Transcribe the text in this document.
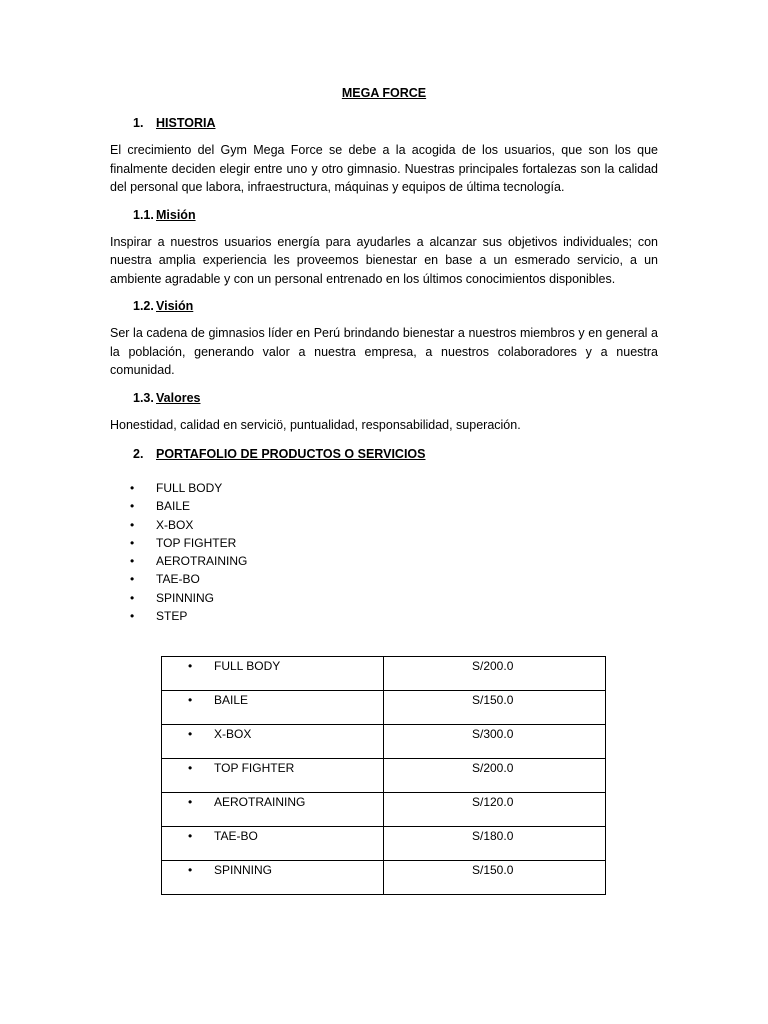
MEGA FORCE
1.	HISTORIA

El crecimiento del Gym Mega Force se debe a la acogida de los usuarios, que son los que finalmente deciden elegir entre uno y otro gimnasio. Nuestras principales fortalezas son la calidad del personal que labora, infraestructura, máquinas y equipos de última tecnología.

1.1. Misión

Inspirar a nuestros usuarios energía para ayudarles a alcanzar sus objetivos individuales; con nuestra amplia experiencia les proveemos bienestar en base a un esmerado servicio, a un ambiente agradable y con un personal entrenado en los últimos conocimientos disponibles.

1.2. Visión

Ser la cadena de gimnasios líder en Perú brindando bienestar a nuestros miembros y en general a la población, generando valor a nuestra empresa, a nuestros colaboradores y a nuestra comunidad.

1.3. Valores

Honestidad, calidad en serviciö, puntualidad, responsabilidad, superación.

2.	PORTAFOLIO DE PRODUCTOS O SERVICIOS
•	FULL BODY
•	BAILE
•	X-BOX
•	TOP FIGHTER
•	AEROTRAINING
•	TAE-BO
•	SPINNING
•	STEP
• FULL BODY	S/200.0

• BAILE	S/150.0

• X-BOX	S/300.0

• TOP FIGHTER	S/200.0

• AEROTRAINING	S/120.0

• TAE-BO	S/180.0

• SPINNING	S/150.0
